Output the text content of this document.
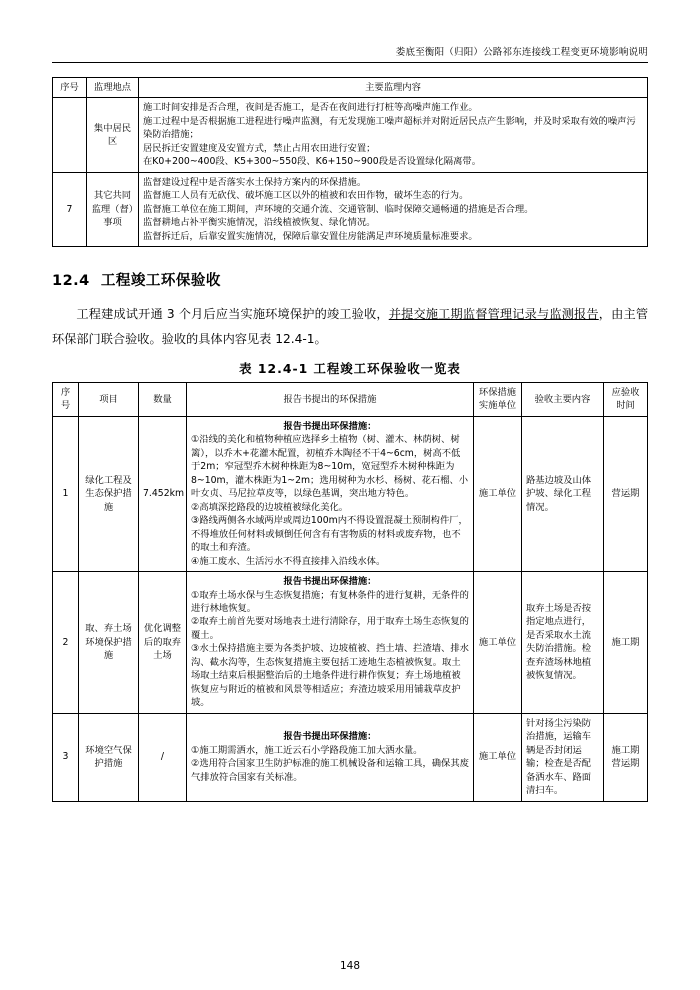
娄底至衡阳（归阳）公路祁东连接线工程变更环境影响说明
序号	监理地点	主要监理内容
	集中居民区	施工时间安排是否合理，夜间是否施工，是否在夜间进行打桩等高噪声施工作业。
施工过程中是否根据施工进程进行噪声监测，有无发现施工噪声超标并对附近居民点产生影响，并及时采取有效的噪声污染防治措施；
居民拆迁安置建度及安置方式，禁止占用农田进行安置；
在K0+200~400段、K5+300~550段、K6+150~900段是否设置绿化隔离带。

7	其它共同监理（督）事项	监督建设过程中是否落实水土保持方案内的环保措施。
监督施工人员有无砍伐、破坏施工区以外的植被和农田作物，破坏生态的行为。
监督施工单位在施工期间，声环境的交通介流、交通管制、临时保障交通畅通的措施是否合理。
监督耕地占补平衡实施情况，沿线植被恢复、绿化情况。
监督拆迁后，后靠安置实施情况，保障后靠安置住房能满足声环境质量标准要求。
12.4 工程竣工环保验收

工程建成试开通 3 个月后应当实施环境保护的竣工验收，并提交施工期监督管理记录与监测报告，由主管环保部门联合验收。验收的具体内容见表 12.4-1。

表 12.4-1 工程竣工环保验收一览表
序号	项目	数量	报告书提出的环保措施	环保措施实施单位	验收主要内容	应验收时间
1	绿化工程及生态保护措施	7.452km	报告书提出环保措施：
①沿线的美化和植物种植应选择乡土植物（树、灌木、林荫树、树篱），以乔木+花灌木配置，初植乔木陶径不干4~6cm，树高不低于2m；窄冠型乔木树种株距为8~10m，宽冠型乔木树种株距为8~10m，灌木株距为1~2m；选用树种为水杉、杨树、花石榴、小叶女贞、马尼拉草皮等，以绿色基调，突出地方特色。
②高填深挖路段的边坡植被绿化美化。
③路线两侧各水域两岸或周边100m内不得设置混凝土预制构件厂，不得堆放任何材料或倾倒任何含有有害物质的材料或废弃物，也不的取土和弃渣。
④施工废水、生活污水不得直接排入沿线水体。	施工单位	路基边坡及山体护坡、绿化工程情况。	营运期
2	取、弃土场环境保护措施	优化调整后的取弃土场	报告书提出环保措施：
①取弃土场水保与生态恢复措施；有复林条件的进行复耕，无条件的进行林地恢复。
②取弃土前首先要对场地表土进行清除存，用于取弃土场生态恢复的覆土。
③水土保持措施主要为各类护坡、边坡植被、挡土墙、拦渣墙、排水沟、截水沟等，生态恢复措施主要包括工迹地生态植被恢复。取土场取土结束后根据整治后的土地条件进行耕作恢复；弃土场地植被恢复应与附近的植被和风景等相适应；弃渣边坡采用用铺栽草皮护坡。	施工单位	取弃土场是否按指定地点进行，是否采取水土流失防治措施。检查弃渣场林地植被恢复情况。	施工期
3	环境空气保护措施	/	报告书提出环保措施：
①施工期需洒水，施工近云石小学路段施工加大洒水量。
②选用符合国家卫生防护标准的施工机械设备和运输工具，确保其废气排放符合国家有关标准。	施工单位	针对扬尘污染防治措施，运输车辆是否封闭运输；检查是否配备洒水车、路面清扫车。	施工期营运期
148
